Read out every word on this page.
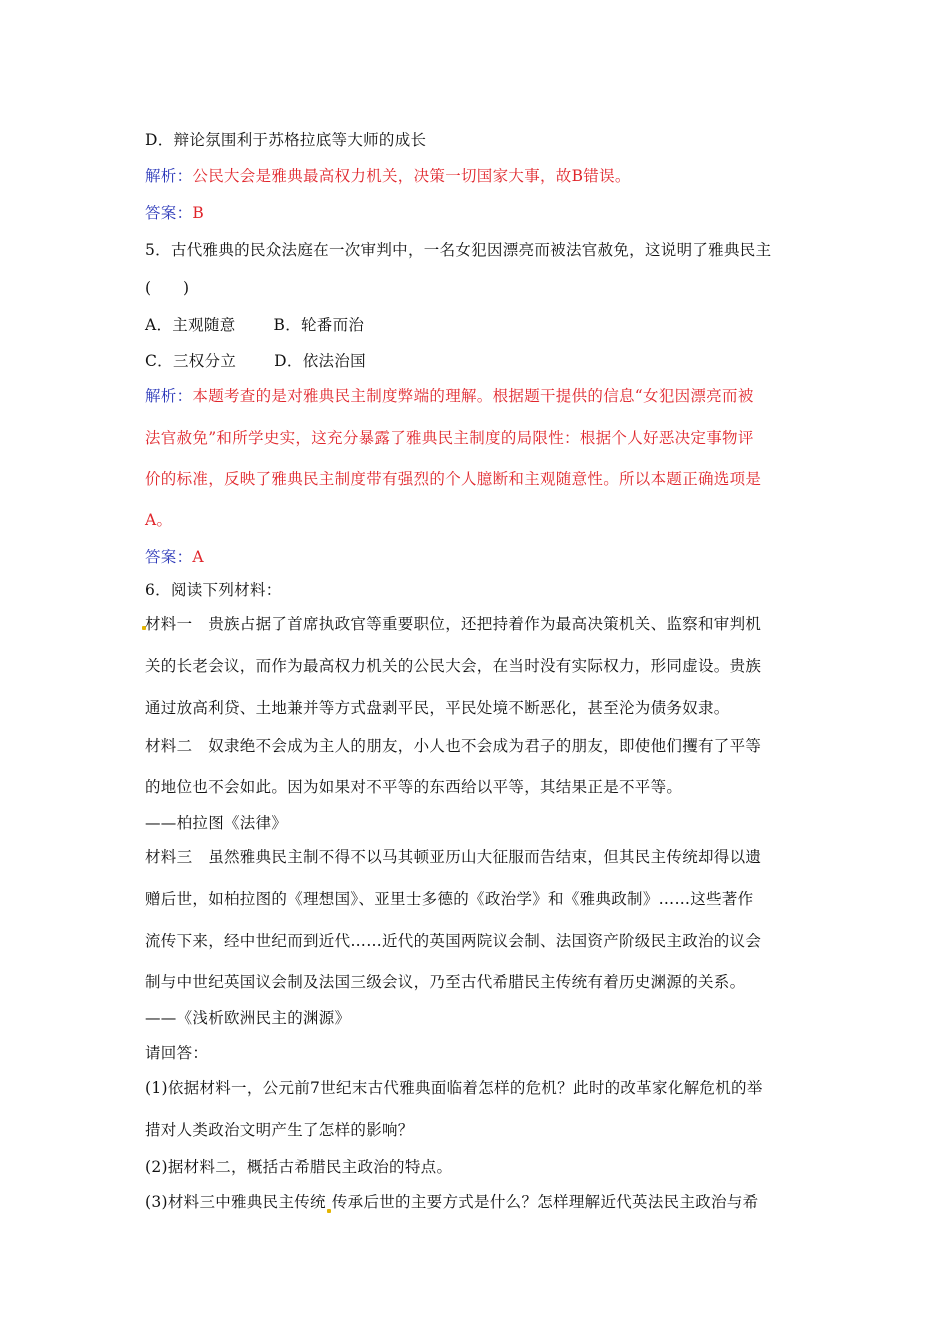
D．辩论氛围利于苏格拉底等大师的成长
解析：公民大会是雅典最高权力机关，决策一切国家大事，故B错误。
答案：B
5．古代雅典的民众法庭在一次审判中，一名女犯因漂亮而被法官赦免，这说明了雅典民主
(　　)
A．主观随意 B．轮番而治
C．三权分立 D．依法治国
解析：本题考查的是对雅典民主制度弊端的理解。根据题干提供的信息“女犯因漂亮而被
法官赦免”和所学史实，这充分暴露了雅典民主制度的局限性：根据个人好恶决定事物评
价的标准，反映了雅典民主制度带有强烈的个人臆断和主观随意性。所以本题正确选项是
A。
答案：A
6．阅读下列材料：
材料一　贵族占据了首席执政官等重要职位，还把持着作为最高决策机关、监察和审判机
关的长老会议，而作为最高权力机关的公民大会，在当时没有实际权力，形同虚设。贵族
通过放高利贷、土地兼并等方式盘剥平民，平民处境不断恶化，甚至沦为债务奴隶。
材料二　奴隶绝不会成为主人的朋友，小人也不会成为君子的朋友，即使他们攫有了平等
的地位也不会如此。因为如果对不平等的东西给以平等，其结果正是不平等。
——柏拉图《法律》
材料三　虽然雅典民主制不得不以马其顿亚历山大征服而告结束，但其民主传统却得以遗
赠后世，如柏拉图的《理想国》、亚里士多德的《政治学》和《雅典政制》……这些著作
流传下来，经中世纪而到近代……近代的英国两院议会制、法国资产阶级民主政治的议会
制与中世纪英国议会制及法国三级会议，乃至古代希腊民主传统有着历史渊源的关系。
——《浅析欧洲民主的渊源》
请回答：
(1)依据材料一，公元前7世纪末古代雅典面临着怎样的危机？此时的改革家化解危机的举
措对人类政治文明产生了怎样的影响？
(2)据材料二，概括古希腊民主政治的特点。
(3)材料三中雅典民主传统 传承后世的主要方式是什么？怎样理解近代英法民主政治与希
